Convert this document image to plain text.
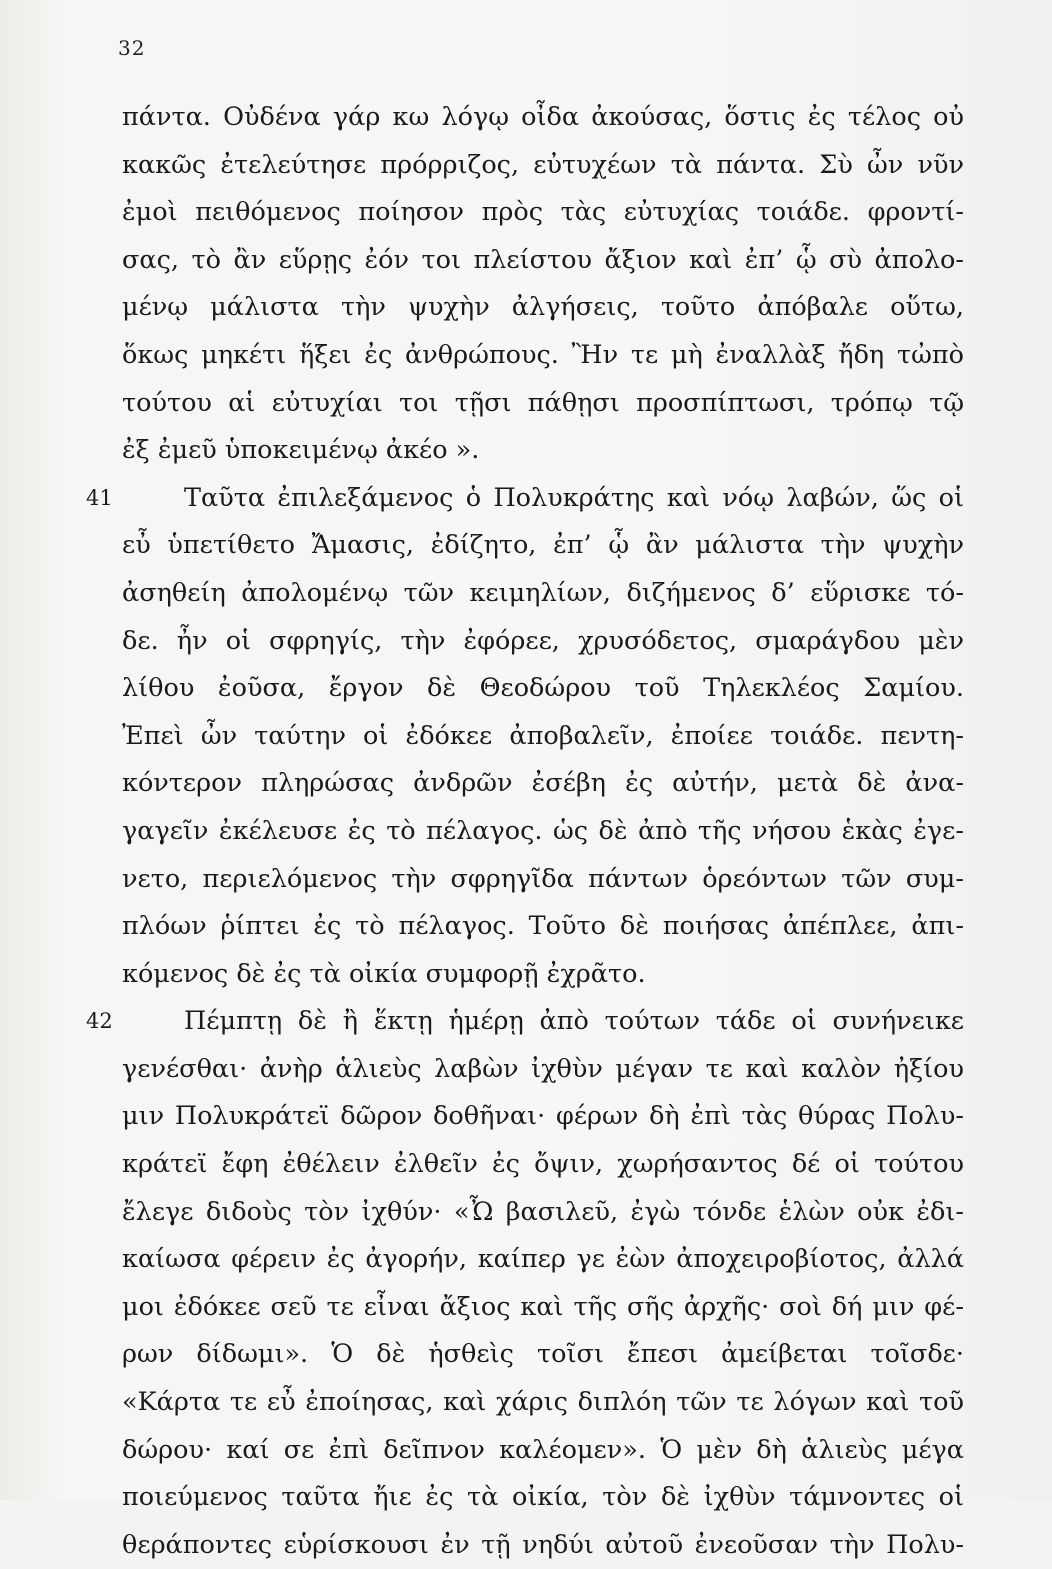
32
πάντα. Οὐδένα γάρ κω λόγῳ οἶδα ἀκούσας, ὅστις ἐς τέλος οὐ
κακῶς ἐτελεύτησε πρόρριζος, εὐτυχέων τὰ πάντα. Σὺ ὦν νῦν
ἐμοὶ πειθόμενος ποίησον πρὸς τὰς εὐτυχίας τοιάδε. φροντί-
σας, τὸ ἂν εὕρῃς ἐόν τοι πλείστου ἄξιον καὶ ἐπ’ ᾧ σὺ ἀπολο-
μένῳ μάλιστα τὴν ψυχὴν ἀλγήσεις, τοῦτο ἀπόβαλε οὕτω,
ὅκως μηκέτι ἥξει ἐς ἀνθρώπους. Ἢν τε μὴ ἐναλλὰξ ἤδη τὠπὸ
τούτου αἱ εὐτυχίαι τοι τῇσι πάθῃσι προσπίπτωσι, τρόπῳ τῷ
ἐξ ἐμεῦ ὑποκειμένῳ ἀκέο ».
41	Ταῦτα ἐπιλεξάμενος ὁ Πολυκράτης καὶ νόῳ λαβών, ὥς οἱ
εὖ ὑπετίθετο Ἄμασις, ἐδίζητο, ἐπ’ ᾧ ἂν μάλιστα τὴν ψυχὴν
ἀσηθείη ἀπολομένῳ τῶν κειμηλίων, διζήμενος δ’ εὕρισκε τό-
δε. ἦν οἱ σφρηγίς, τὴν ἐφόρεε, χρυσόδετος, σμαράγδου μὲν
λίθου ἐοῦσα, ἔργον δὲ Θεοδώρου τοῦ Τηλεκλέος Σαμίου.
Ἐπεὶ ὦν ταύτην οἱ ἐδόκεε ἀποβαλεῖν, ἐποίεε τοιάδε. πεντη-
κόντερον πληρώσας ἀνδρῶν ἐσέβη ἐς αὐτήν, μετὰ δὲ ἀνα-
γαγεῖν ἐκέλευσε ἐς τὸ πέλαγος. ὡς δὲ ἀπὸ τῆς νήσου ἑκὰς ἐγε-
νετο, περιελόμενος τὴν σφρηγῖδα πάντων ὁρεόντων τῶν συμ-
πλόων ῥίπτει ἐς τὸ πέλαγος. Τοῦτο δὲ ποιήσας ἀπέπλεε, ἀπι-
κόμενος δὲ ἐς τὰ οἰκία συμφορῇ ἐχρᾶτο.
42	Πέμπτῃ δὲ ἢ ἕκτῃ ἡμέρῃ ἀπὸ τούτων τάδε οἱ συνήνεικε
γενέσθαι· ἀνὴρ ἁλιεὺς λαβὼν ἰχθὺν μέγαν τε καὶ καλὸν ἠξίου
μιν Πολυκράτεϊ δῶρον δοθῆναι· φέρων δὴ ἐπὶ τὰς θύρας Πολυ-
κράτεϊ ἔφη ἐθέλειν ἐλθεῖν ἐς ὄψιν, χωρήσαντος δέ οἱ τούτου
ἔλεγε διδοὺς τὸν ἰχθύν· «Ὦ βασιλεῦ, ἐγὼ τόνδε ἑλὼν οὐκ ἐδι-
καίωσα φέρειν ἐς ἀγορήν, καίπερ γε ἐὼν ἀποχειροβίοτος, ἀλλά
μοι ἐδόκεε σεῦ τε εἶναι ἄξιος καὶ τῆς σῆς ἀρχῆς· σοὶ δή μιν φέ-
ρων δίδωμι». Ὁ δὲ ἡσθεὶς τοῖσι ἔπεσι ἀμείβεται τοῖσδε·
«Κάρτα τε εὖ ἐποίησας, καὶ χάρις διπλόη τῶν τε λόγων καὶ τοῦ
δώρου· καί σε ἐπὶ δεῖπνον καλέομεν». Ὁ μὲν δὴ ἁλιεὺς μέγα
ποιεύμενος ταῦτα ἤιε ἐς τὰ οἰκία, τὸν δὲ ἰχθὺν τάμνοντες οἱ
θεράποντες εὑρίσκουσι ἐν τῇ νηδύι αὐτοῦ ἐνεοῦσαν τὴν Πολυ-
